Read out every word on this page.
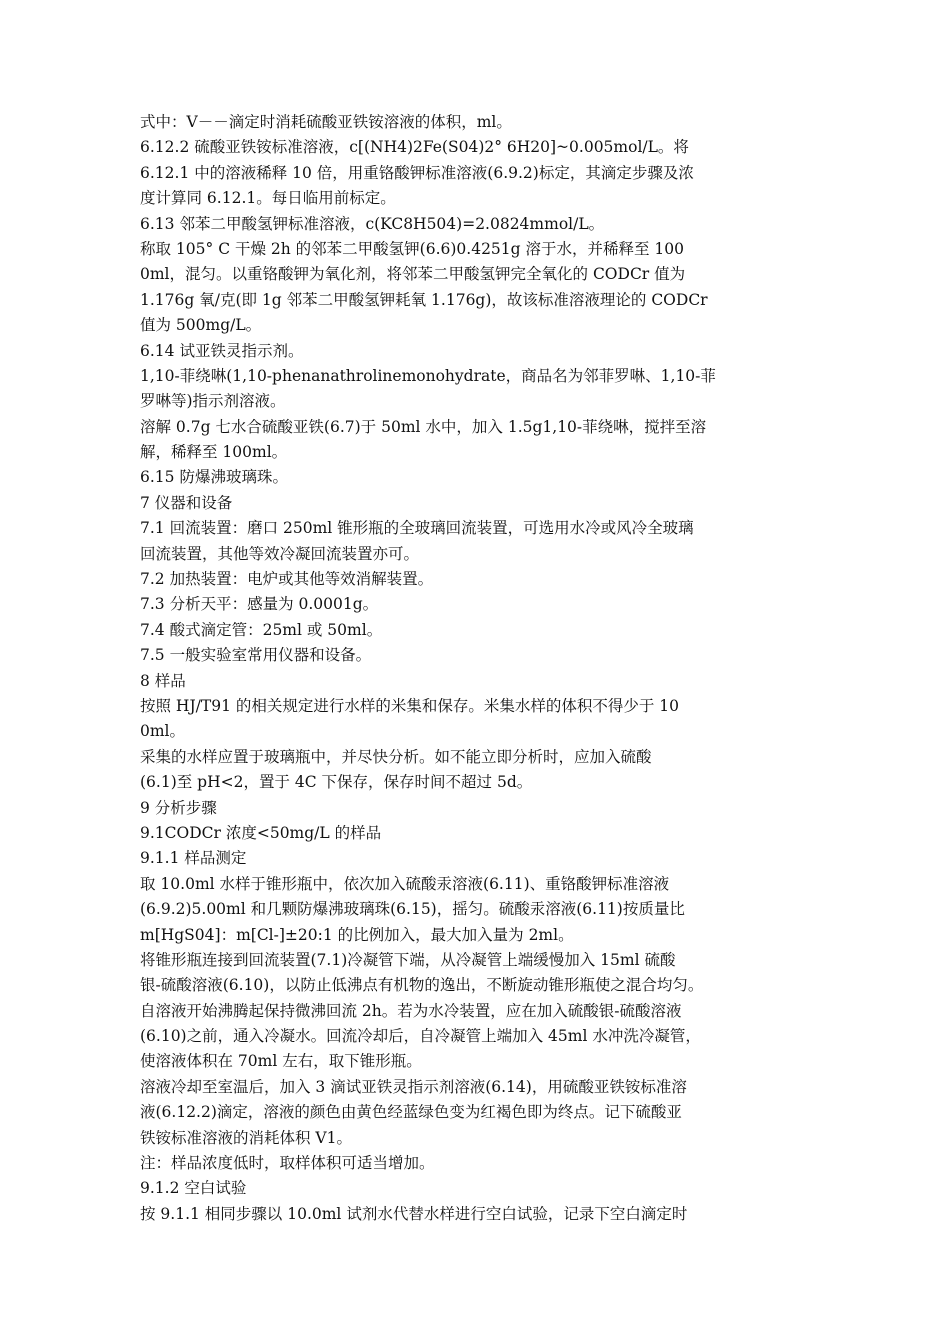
式中：V－－滴定时消耗硫酸亚铁铵溶液的体积，ml。
6.12.2 硫酸亚铁铵标准溶液，c[(NH4)2Fe(S04)2° 6H20]~0.005mol/L。将
6.12.1 中的溶液稀释 10 倍，用重铬酸钾标准溶液(6.9.2)标定，其滴定步骤及浓
度计算同 6.12.1。每日临用前标定。
6.13 邻苯二甲酸氢钾标准溶液，c(KC8H504)=2.0824mmol/L。
称取 105° C 干燥 2h 的邻苯二甲酸氢钾(6.6)0.4251g 溶于水，并稀释至 100
0ml，混匀。以重铬酸钾为氧化剂，将邻苯二甲酸氢钾完全氧化的 CODCr 值为
1.176g 氧/克(即 1g 邻苯二甲酸氢钾耗氧 1.176g)，故该标准溶液理论的 CODCr
值为 500mg/L。
6.14 试亚铁灵指示剂。
1,10-菲绕啉(1,10-phenanathrolinemonohydrate，商品名为邻菲罗啉、1,10-菲
罗啉等)指示剂溶液。
溶解 0.7g 七水合硫酸亚铁(6.7)于 50ml 水中，加入 1.5g1,10-菲绕啉，搅拌至溶
解，稀释至 100ml。
6.15 防爆沸玻璃珠。
7 仪器和设备
7.1 回流装置：磨口 250ml 锥形瓶的全玻璃回流装置，可选用水冷或风冷全玻璃
回流装置，其他等效冷凝回流装置亦可。
7.2 加热装置：电炉或其他等效消解装置。
7.3 分析天平：感量为 0.0001g。
7.4 酸式滴定管：25ml 或 50ml。
7.5 一般实验室常用仪器和设备。
8 样品
按照 HJ/T91 的相关规定进行水样的米集和保存。米集水样的体积不得少于 10
0ml。
采集的水样应置于玻璃瓶中，并尽快分析。如不能立即分析时，应加入硫酸
(6.1)至 pH<2，置于 4C 下保存，保存时间不超过 5d。
9 分析步骤
9.1CODCr 浓度<50mg/L 的样品
9.1.1 样品测定
取 10.0ml 水样于锥形瓶中，依次加入硫酸汞溶液(6.11)、重铬酸钾标准溶液
(6.9.2)5.00ml 和几颗防爆沸玻璃珠(6.15)，摇匀。硫酸汞溶液(6.11)按质量比
m[HgS04]：m[Cl-]±20:1 的比例加入，最大加入量为 2ml。
将锥形瓶连接到回流装置(7.1)冷凝管下端，从冷凝管上端缓慢加入 15ml 硫酸
银-硫酸溶液(6.10)，以防止低沸点有机物的逸出，不断旋动锥形瓶使之混合均匀。
自溶液开始沸腾起保持微沸回流 2h。若为水冷装置，应在加入硫酸银-硫酸溶液
(6.10)之前，通入冷凝水。回流冷却后，自冷凝管上端加入 45ml 水冲洗冷凝管，
使溶液体积在 70ml 左右，取下锥形瓶。
溶液冷却至室温后，加入 3 滴试亚铁灵指示剂溶液(6.14)，用硫酸亚铁铵标准溶
液(6.12.2)滴定，溶液的颜色由黄色经蓝绿色变为红褐色即为终点。记下硫酸亚
铁铵标准溶液的消耗体积 V1。
注：样品浓度低时，取样体积可适当增加。
9.1.2 空白试验
按 9.1.1 相同步骤以 10.0ml 试剂水代替水样进行空白试验，记录下空白滴定时
